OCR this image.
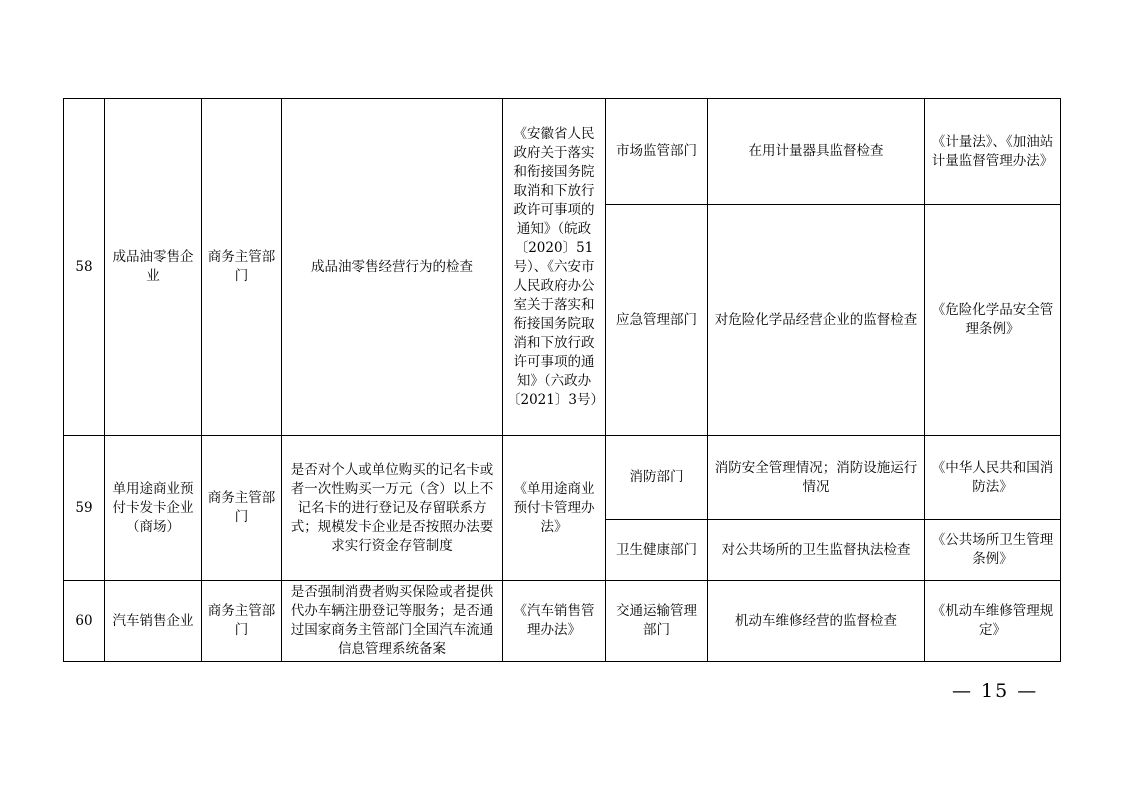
58	成品油零售企业	商务主管部门	成品油零售经营行为的检查	《安徽省人民政府关于落实和衔接国务院取消和下放行政许可事项的通知》（皖政〔2020〕51号）、《六安市人民政府办公室关于落实和衔接国务院取消和下放行政许可事项的通知》（六政办〔2021〕3号）	市场监管部门	在用计量器具监督检查	《计量法》、《加油站计量监督管理办法》
					应急管理部门	对危险化学品经营企业的监督检查	《危险化学品安全管理条例》
59	单用途商业预付卡发卡企业（商场）	商务主管部门	是否对个人或单位购买的记名卡或者一次性购买一万元（含）以上不记名卡的进行登记及存留联系方式；规模发卡企业是否按照办法要求实行资金存管制度	《单用途商业预付卡管理办法》	消防部门	消防安全管理情况；消防设施运行情况	《中华人民共和国消防法》
					卫生健康部门	对公共场所的卫生监督执法检查	《公共场所卫生管理条例》
60	汽车销售企业	商务主管部门	是否强制消费者购买保险或者提供代办车辆注册登记等服务；是否通过国家商务主管部门全国汽车流通信息管理系统备案	《汽车销售管理办法》	交通运输管理部门	机动车维修经营的监督检查	《机动车维修管理规定》
— 15 —
